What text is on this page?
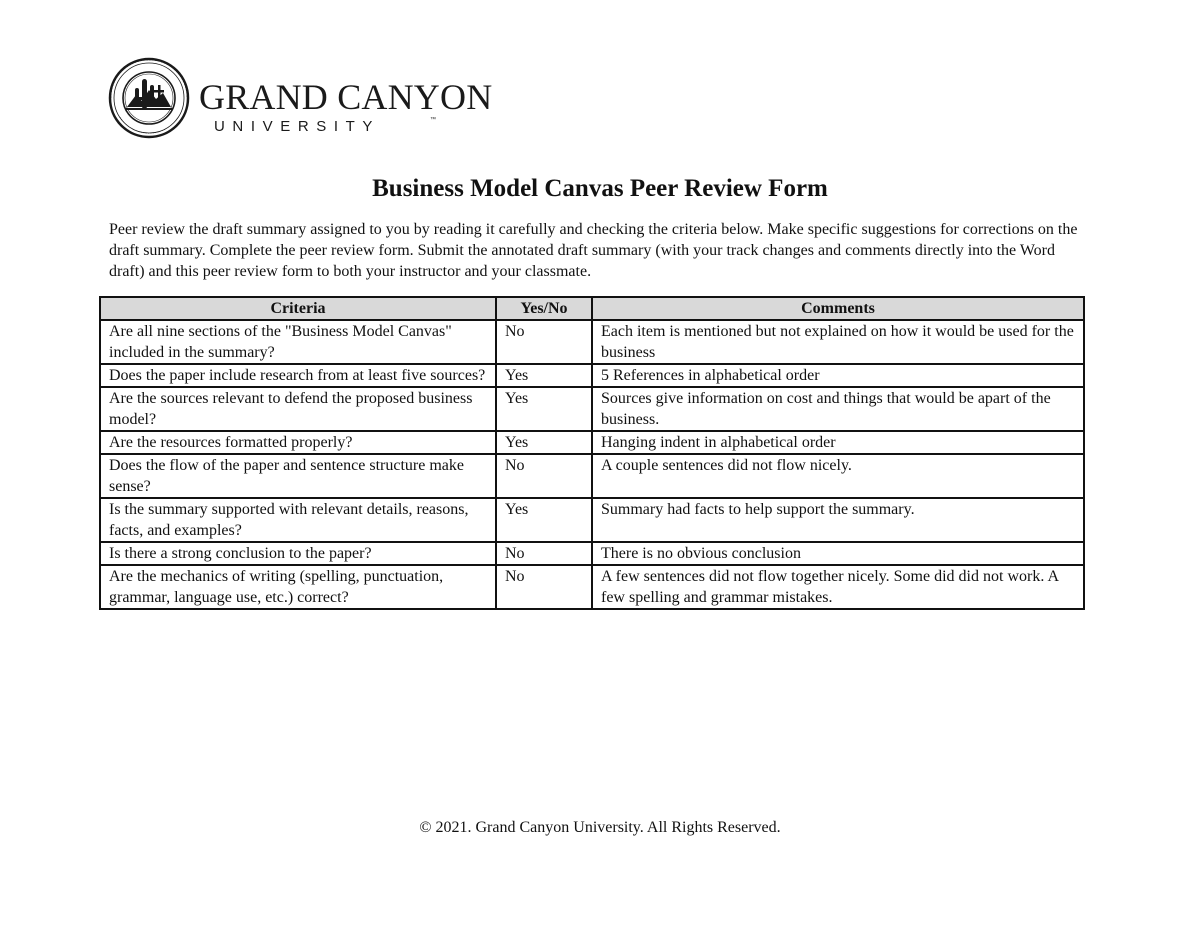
GRAND CANYON
UNIVERSITY	™
Business Model Canvas Peer Review Form

Peer review the draft summary assigned to you by reading it carefully and checking the criteria below. Make specific suggestions for corrections on the draft summary. Complete the peer review form. Submit the annotated draft summary (with your track changes and comments directly into the Word draft) and this peer review form to both your instructor and your classmate.

Criteria	Yes/No	Comments
Are all nine sections of the "Business Model Canvas" included in the summary?	No	Each item is mentioned but not explained on how it would be used for the business
Does the paper include research from at least five sources?	Yes	5 References in alphabetical order
Are the sources relevant to defend the proposed business model?	Yes	Sources give information on cost and things that would be apart of the business.
Are the resources formatted properly?	Yes	Hanging indent in alphabetical order
Does the flow of the paper and sentence structure make sense?	No	A couple sentences did not flow nicely.
Is the summary supported with relevant details, reasons, facts, and examples?	Yes	Summary had facts to help support the summary.
Is there a strong conclusion to the paper?	No	There is no obvious conclusion
Are the mechanics of writing (spelling, punctuation, grammar, language use, etc.) correct?	No	A few sentences did not flow together nicely. Some did did not work. A few spelling and grammar mistakes.

© 2021. Grand Canyon University. All Rights Reserved.
